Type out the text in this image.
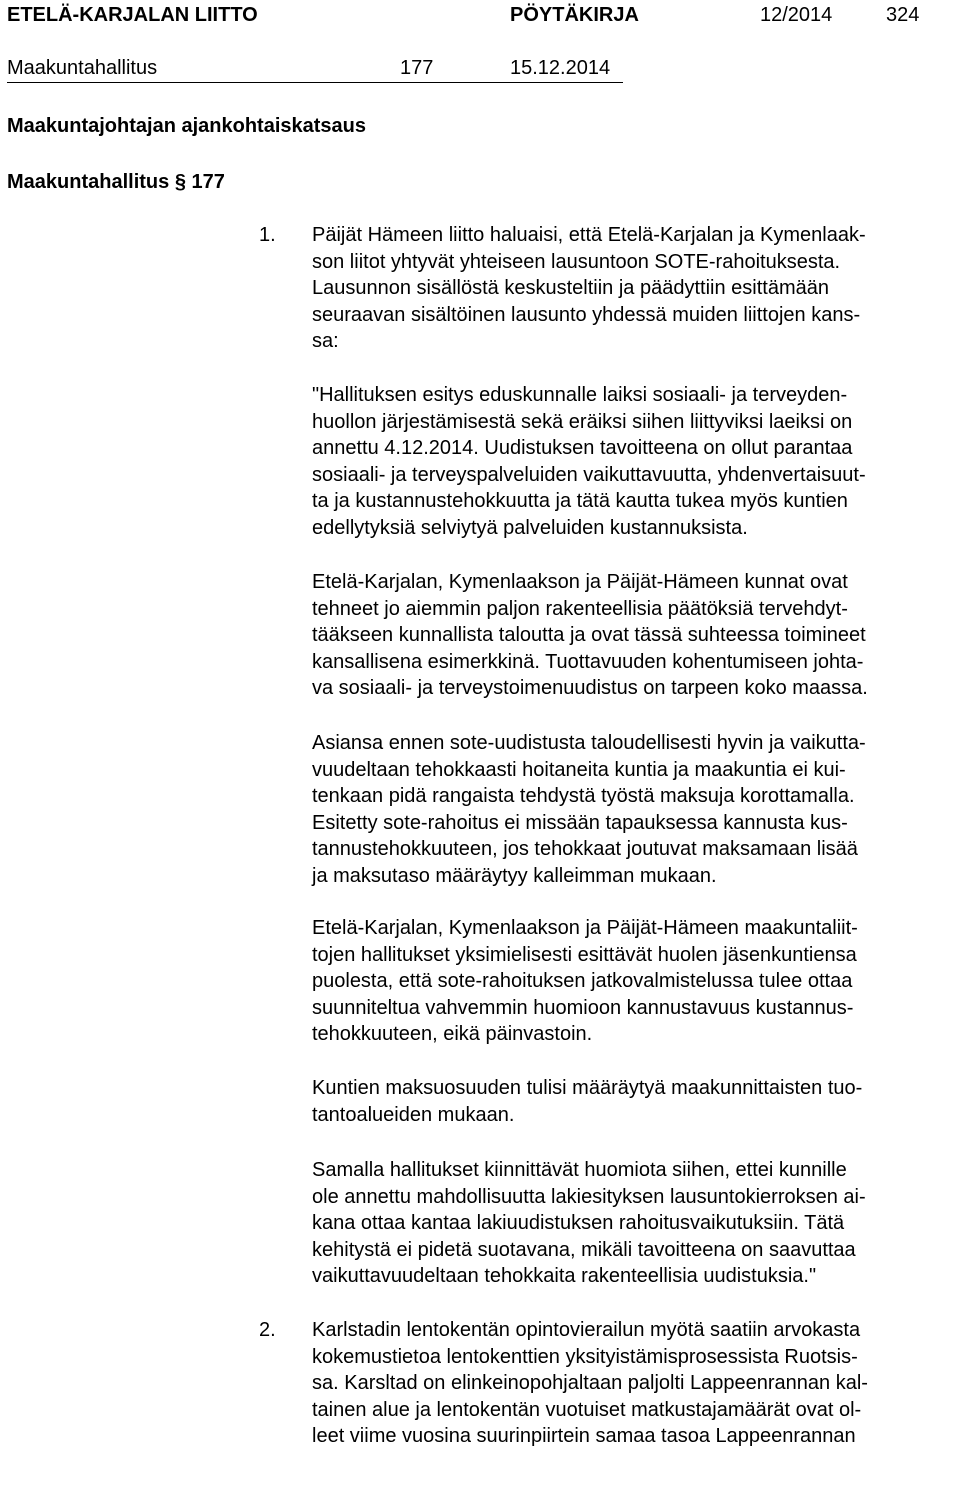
ETELÄ-KARJALAN LIITTO	PÖYTÄKIRJA	12/2014	324
Maakuntahallitus	177	15.12.2014
Maakuntajohtajan ajankohtaiskatsaus
Maakuntahallitus § 177
1. Päijät Hämeen liitto haluaisi, että Etelä-Karjalan ja Kymenlaak-
son liitot yhtyvät yhteiseen lausuntoon SOTE-rahoituksesta.
Lausunnon sisällöstä keskusteltiin ja päädyttiin esittämään
seuraavan sisältöinen lausunto yhdessä muiden liittojen kans-
sa:
"Hallituksen esitys eduskunnalle laiksi sosiaali- ja terveyden-
huollon järjestämisestä sekä eräiksi siihen liittyviksi laeiksi on
annettu 4.12.2014. Uudistuksen tavoitteena on ollut parantaa
sosiaali- ja terveyspalveluiden vaikuttavuutta, yhdenvertaisuut-
ta ja kustannustehokkuutta ja tätä kautta tukea myös kuntien
edellytyksiä selviytyä palveluiden kustannuksista.
Etelä-Karjalan, Kymenlaakson ja Päijät-Hämeen kunnat ovat
tehneet jo aiemmin paljon rakenteellisia päätöksiä tervehdyt-
tääkseen kunnallista taloutta ja ovat tässä suhteessa toimineet
kansallisena esimerkkinä. Tuottavuuden kohentumiseen johta-
va sosiaali- ja terveystoimenuudistus on tarpeen koko maassa.
Asiansa ennen sote-uudistusta taloudellisesti hyvin ja vaikutta-
vuudeltaan tehokkaasti hoitaneita kuntia ja maakuntia ei kui-
tenkaan pidä rangaista tehdystä työstä maksuja korottamalla.
Esitetty sote-rahoitus ei missään tapauksessa kannusta kus-
tannustehokkuuteen, jos tehokkaat joutuvat maksamaan lisää
ja maksutaso määräytyy kalleimman mukaan.
Etelä-Karjalan, Kymenlaakson ja Päijät-Hämeen maakuntaliit-
tojen hallitukset yksimielisesti esittävät huolen jäsenkuntiensa
puolesta, että sote-rahoituksen jatkovalmistelussa tulee ottaa
suunniteltua vahvemmin huomioon kannustavuus kustannus-
tehokkuuteen, eikä päinvastoin.
Kuntien maksuosuuden tulisi määräytyä maakunnittaisten tuo-
tantoalueiden mukaan.
Samalla hallitukset kiinnittävät huomiota siihen, ettei kunnille
ole annettu mahdollisuutta lakiesityksen lausuntokierroksen ai-
kana ottaa kantaa lakiuudistuksen rahoitusvaikutuksiin. Tätä
kehitystä ei pidetä suotavana, mikäli tavoitteena on saavuttaa
vaikuttavuudeltaan tehokkaita rakenteellisia uudistuksia."
2. Karlstadin lentokentän opintovierailun myötä saatiin arvokasta
kokemustietoa lentokenttien yksityistämisprosessista Ruotsis-
sa. Karsltad on elinkeinopohjaltaan paljolti Lappeenrannan kal-
tainen alue ja lentokentän vuotuiset matkustajamäärät ovat ol-
leet viime vuosina suurinpiirtein samaa tasoa Lappeenrannan
